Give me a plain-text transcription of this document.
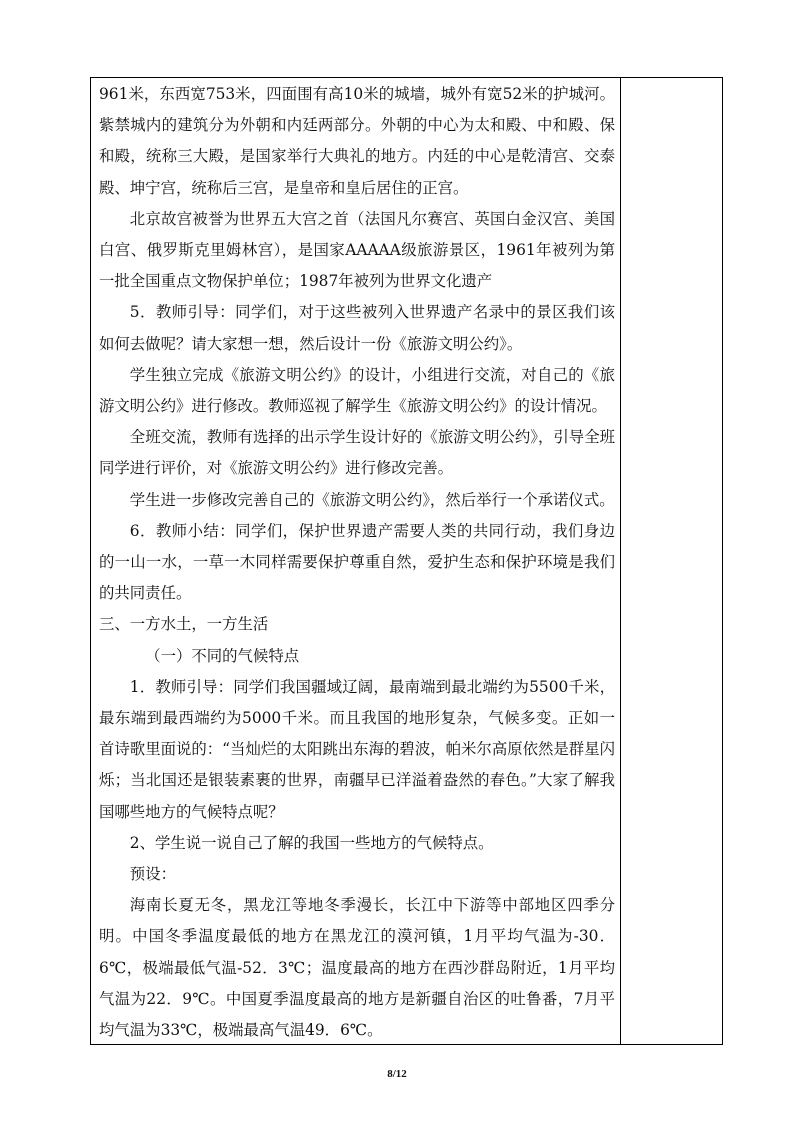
961米，东西宽753米，四面围有高10米的城墙，城外有宽52米的护城河。紫禁城内的建筑分为外朝和内廷两部分。外朝的中心为太和殿、中和殿、保和殿，统称三大殿，是国家举行大典礼的地方。内廷的中心是乾清宫、交泰殿、坤宁宫，统称后三宫，是皇帝和皇后居住的正宫。

北京故宫被誉为世界五大宫之首（法国凡尔赛宫、英国白金汉宫、美国白宫、俄罗斯克里姆林宫），是国家AAAAA级旅游景区，1961年被列为第一批全国重点文物保护单位；1987年被列为世界文化遗产

5．教师引导：同学们，对于这些被列入世界遗产名录中的景区我们该如何去做呢？请大家想一想，然后设计一份《旅游文明公约》。

学生独立完成《旅游文明公约》的设计，小组进行交流，对自己的《旅游文明公约》进行修改。教师巡视了解学生《旅游文明公约》的设计情况。

全班交流，教师有选择的出示学生设计好的《旅游文明公约》，引导全班同学进行评价，对《旅游文明公约》进行修改完善。

学生进一步修改完善自己的《旅游文明公约》，然后举行一个承诺仪式。

6．教师小结：同学们，保护世界遗产需要人类的共同行动，我们身边的一山一水，一草一木同样需要保护尊重自然，爱护生态和保护环境是我们的共同责任。

三、一方水土，一方生活

（一）不同的气候特点

1．教师引导：同学们我国疆域辽阔，最南端到最北端约为5500千米，最东端到最西端约为5000千米。而且我国的地形复杂，气候多变。正如一首诗歌里面说的：“当灿烂的太阳跳出东海的碧波，帕米尔高原依然是群星闪烁；当北国还是银装素裹的世界，南疆早已洋溢着盎然的春色。”大家了解我国哪些地方的气候特点呢？

2、学生说一说自己了解的我国一些地方的气候特点。

预设：

海南长夏无冬，黑龙江等地冬季漫长，长江中下游等中部地区四季分明。中国冬季温度最低的地方在黑龙江的漠河镇，1月平均气温为-30．6℃，极端最低气温-52．3℃；温度最高的地方在西沙群岛附近，1月平均气温为22．9℃。中国夏季温度最高的地方是新疆自治区的吐鲁番，7月平均气温为33℃，极端最高气温49．6℃。

8/12
